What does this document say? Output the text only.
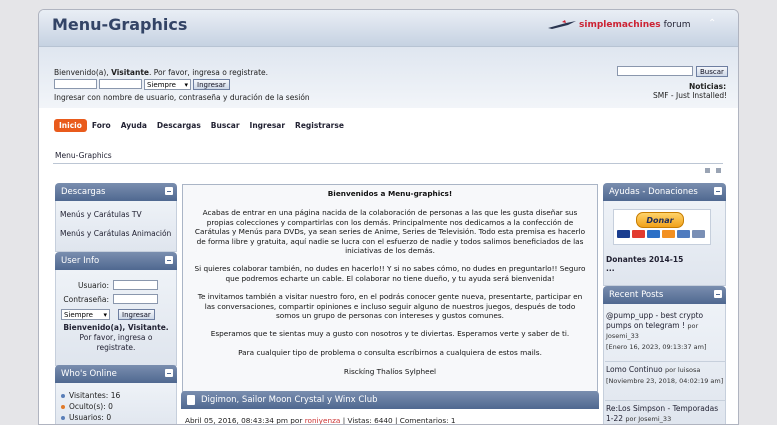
Menu-Graphics	simplemachines forum ⌃
Bienvenido(a), Visitante. Por favor, ingresa o registrate.
Siempre ▾	Ingresar
Ingresar con nombre de usuario, contraseña y duración de la sesión
Buscar
Noticias:
SMF - Just Installed!
Inicio	Foro	Ayuda	Descargas	Buscar	Ingresar	Registrarse
Menu-Graphics
Descargas
Menús y Carátulas TV
Menús y Carátulas Animación
User Info
Usuario:
Contraseña:
Siempre ▾	Ingresar
Bienvenido(a), Visitante.
Por favor, ingresa o
registrate.
Who's Online
Visitantes: 16
Oculto(s): 0
Usuarios: 0

Bienvenidos a Menu-graphics!

Acabas de entrar en una página nacida de la colaboración de personas a las que les gusta diseñar sus

propias colecciones y compartirlas con los demás. Principalmente nos dedicamos a la confección de

Carátulas y Menús para DVDs, ya sean series de Anime, Series de Televisión. Todo esta premisa es hacerlo

de forma libre y gratuita, aquí nadie se lucra con el esfuerzo de nadie y todos salimos beneficiados de las

iniciativas de los demás.

Si quieres colaborar también, no dudes en hacerlo!! Y si no sabes cómo, no dudes en preguntarlo!! Seguro

que podremos echarte un cable. El colaborar no tiene dueño, y tu ayuda será bienvenida!

Te invitamos también a visitar nuestro foro, en el podrás conocer gente nueva, presentarte, participar en

las conversaciones, compartir opiniones e incluso seguir alguno de nuestros juegos, después de todo

somos un grupo de personas con intereses y gustos comunes.

Esperamos que te sientas muy a gusto con nosotros y te diviertas. Esperamos verte y saber de ti.

Para cualquier tipo de problema o consulta escríbirnos a cualquiera de estos mails.

Risckíng Thalíos Sylpheel

Digimon, Sailor Moon Crystal y Winx Club
Abril 05, 2016, 08:43:34 pm por roniyenza | Vistas: 6440 | Comentarios: 1
Ayudas - Donaciones
Donar
Donantes 2014-15
...
Recent Posts
@pump_upp - best crypto pumps on telegram ! por Josemi_33
[Enero 16, 2023, 09:13:37 am]
Lomo Continuo por luisosa
[Noviembre 23, 2018, 04:02:19 am]
Re:Los Simpson - Temporadas 1-22 por Josemi_33
